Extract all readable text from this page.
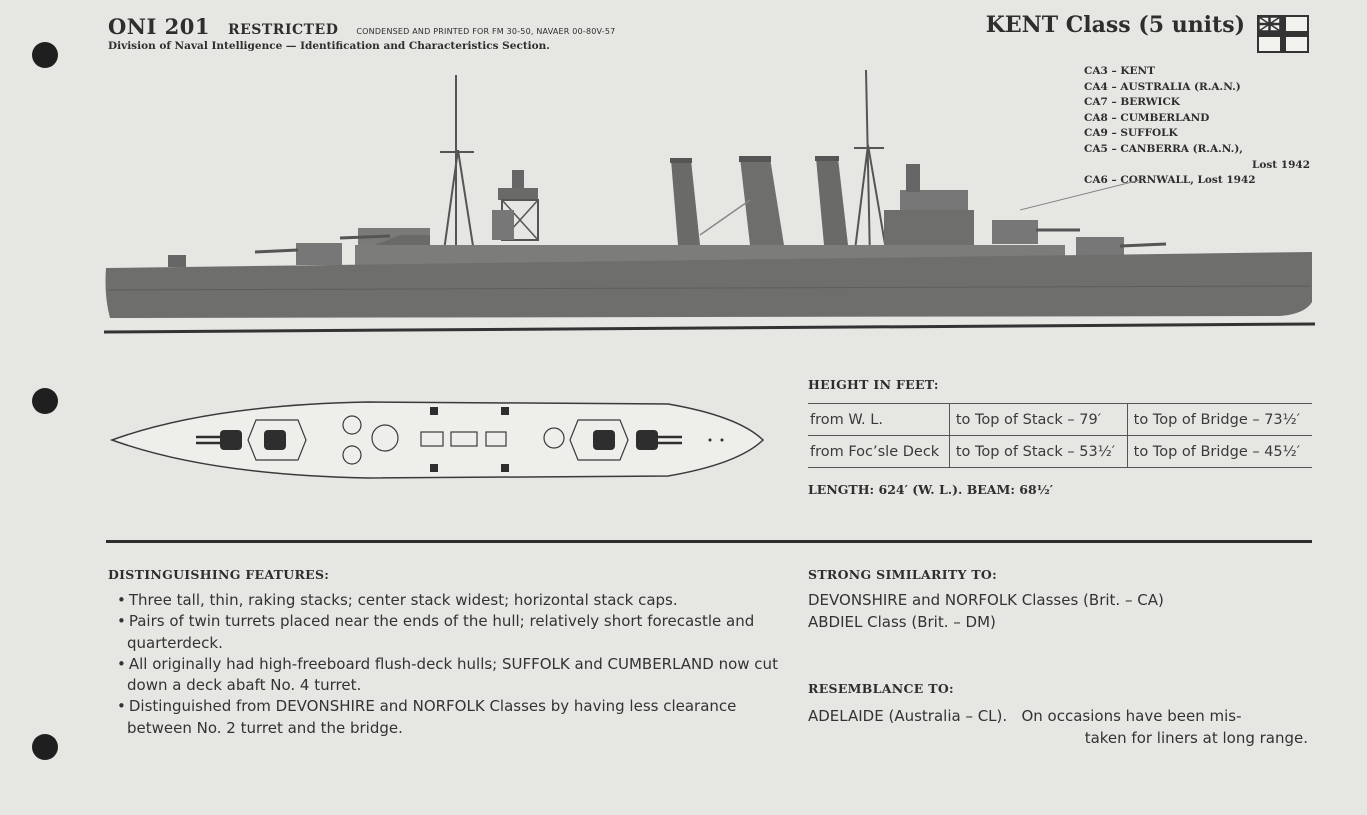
ONI 201 RESTRICTED CONDENSED AND PRINTED FOR FM 30-50, NAVAER 00-80V-57
Division of Naval Intelligence — Identification and Characteristics Section.
KENT Class (5 units)
CA3 – KENT
CA4 – AUSTRALIA (R.A.N.)
CA7 – BERWICK
CA8 – CUMBERLAND
CA9 – SUFFOLK
CA5 – CANBERRA (R.A.N.),
Lost 1942
CA6 – CORNWALL, Lost 1942
HEIGHT IN FEET:
from W. L.	to Top of Stack – 79′	to Top of Bridge – 73½′
from Foc’sle Deck	to Top of Stack – 53½′	to Top of Bridge – 45½′
LENGTH: 624′ (W. L.). BEAM: 68½′
DISTINGUISHING FEATURES:
• Three tall, thin, raking stacks; center stack widest; horizontal stack caps.
• Pairs of twin turrets placed near the ends of the hull; relatively short forecastle and quarterdeck.
• All originally had high-freeboard flush-deck hulls; SUFFOLK and CUMBERLAND now cut down a deck abaft No. 4 turret.
• Distinguished from DEVONSHIRE and NORFOLK Classes by having less clearance between No. 2 turret and the bridge.
STRONG SIMILARITY TO:
DEVONSHIRE and NORFOLK Classes (Brit. – CA)
ABDIEL Class (Brit. – DM)
RESEMBLANCE TO:
ADELAIDE (Australia – CL).   On occasions have been mis-
taken for liners at long range.
